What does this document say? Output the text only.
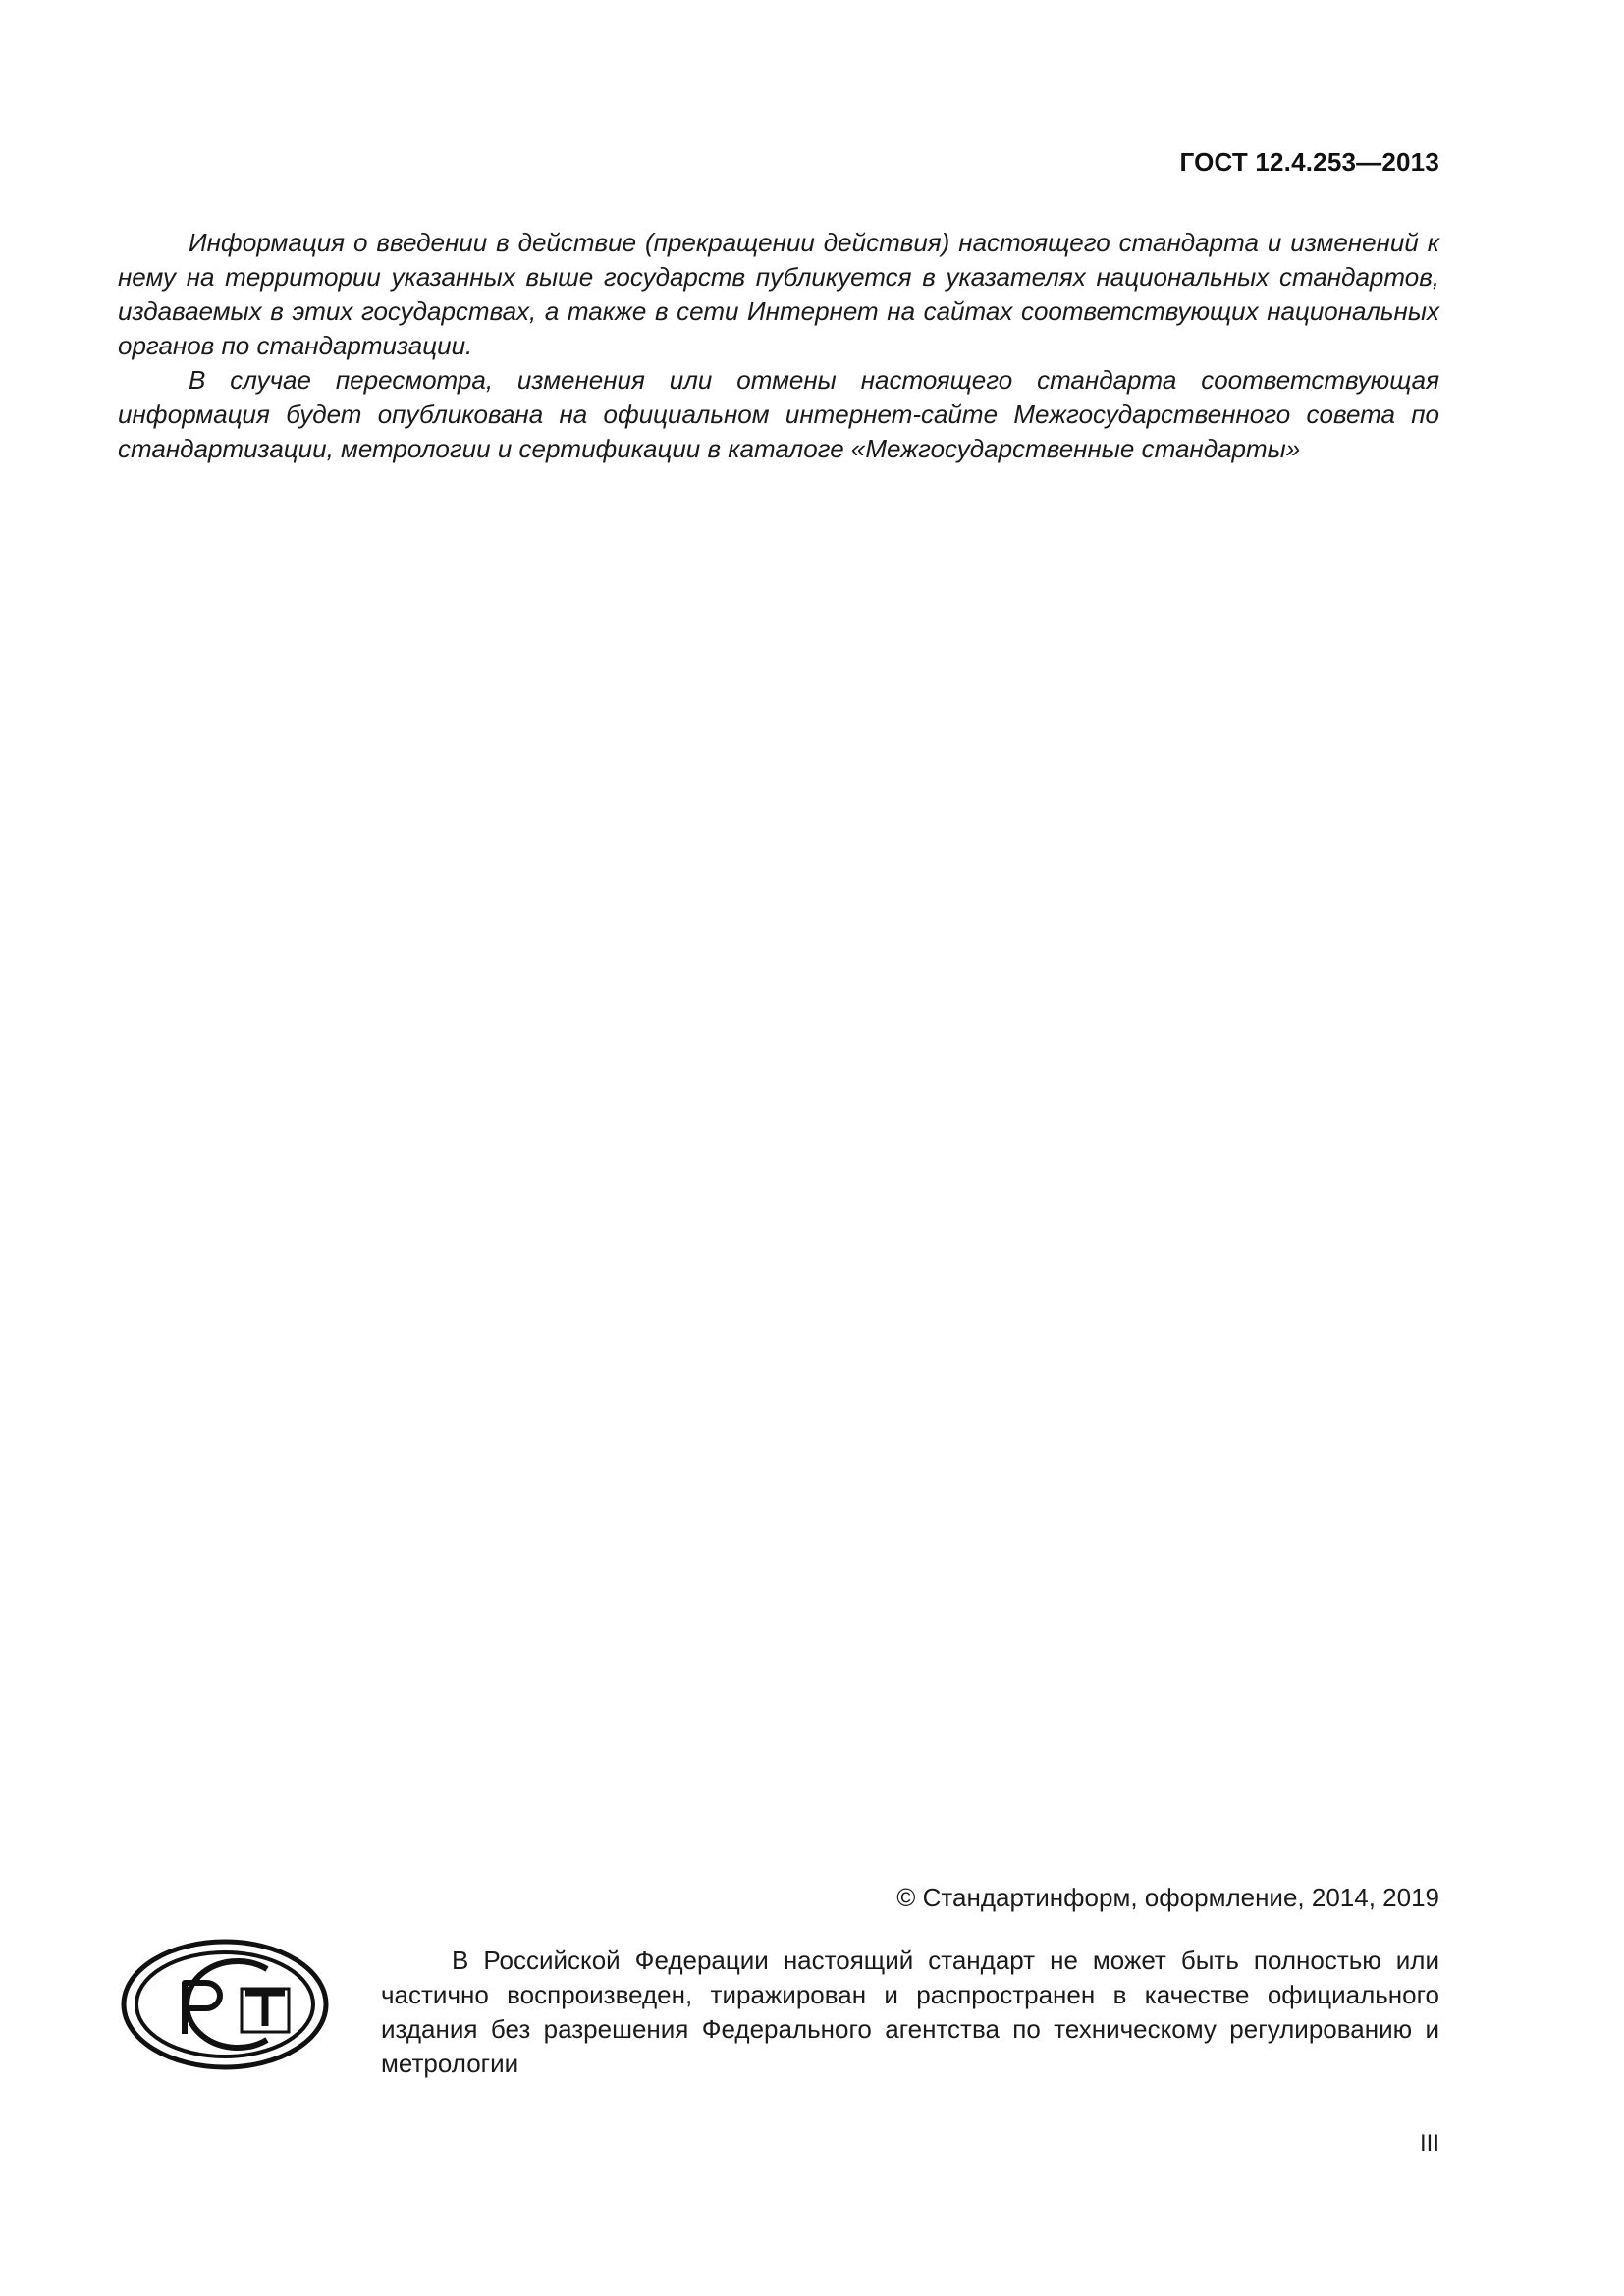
ГОСТ 12.4.253—2013

Информация о введении в действие (прекращении действия) настоящего стандарта и изменений к нему на территории указанных выше государств публикуется в указателях национальных стандартов, издаваемых в этих государствах, а также в сети Интернет на сайтах соответствующих национальных органов по стандартизации.

В случае пересмотра, изменения или отмены настоящего стандарта соответствующая информация будет опубликована на официальном интернет-сайте Межгосударственного совета по стандартизации, метрологии и сертификации в каталоге «Межгосударственные стандарты»

© Стандартинформ, оформление, 2014, 2019

В Российской Федерации настоящий стандарт не может быть полностью или частично воспроизведен, тиражирован и распространен в качестве официального издания без разрешения Федерального агентства по техническому регулированию и метрологии

III
